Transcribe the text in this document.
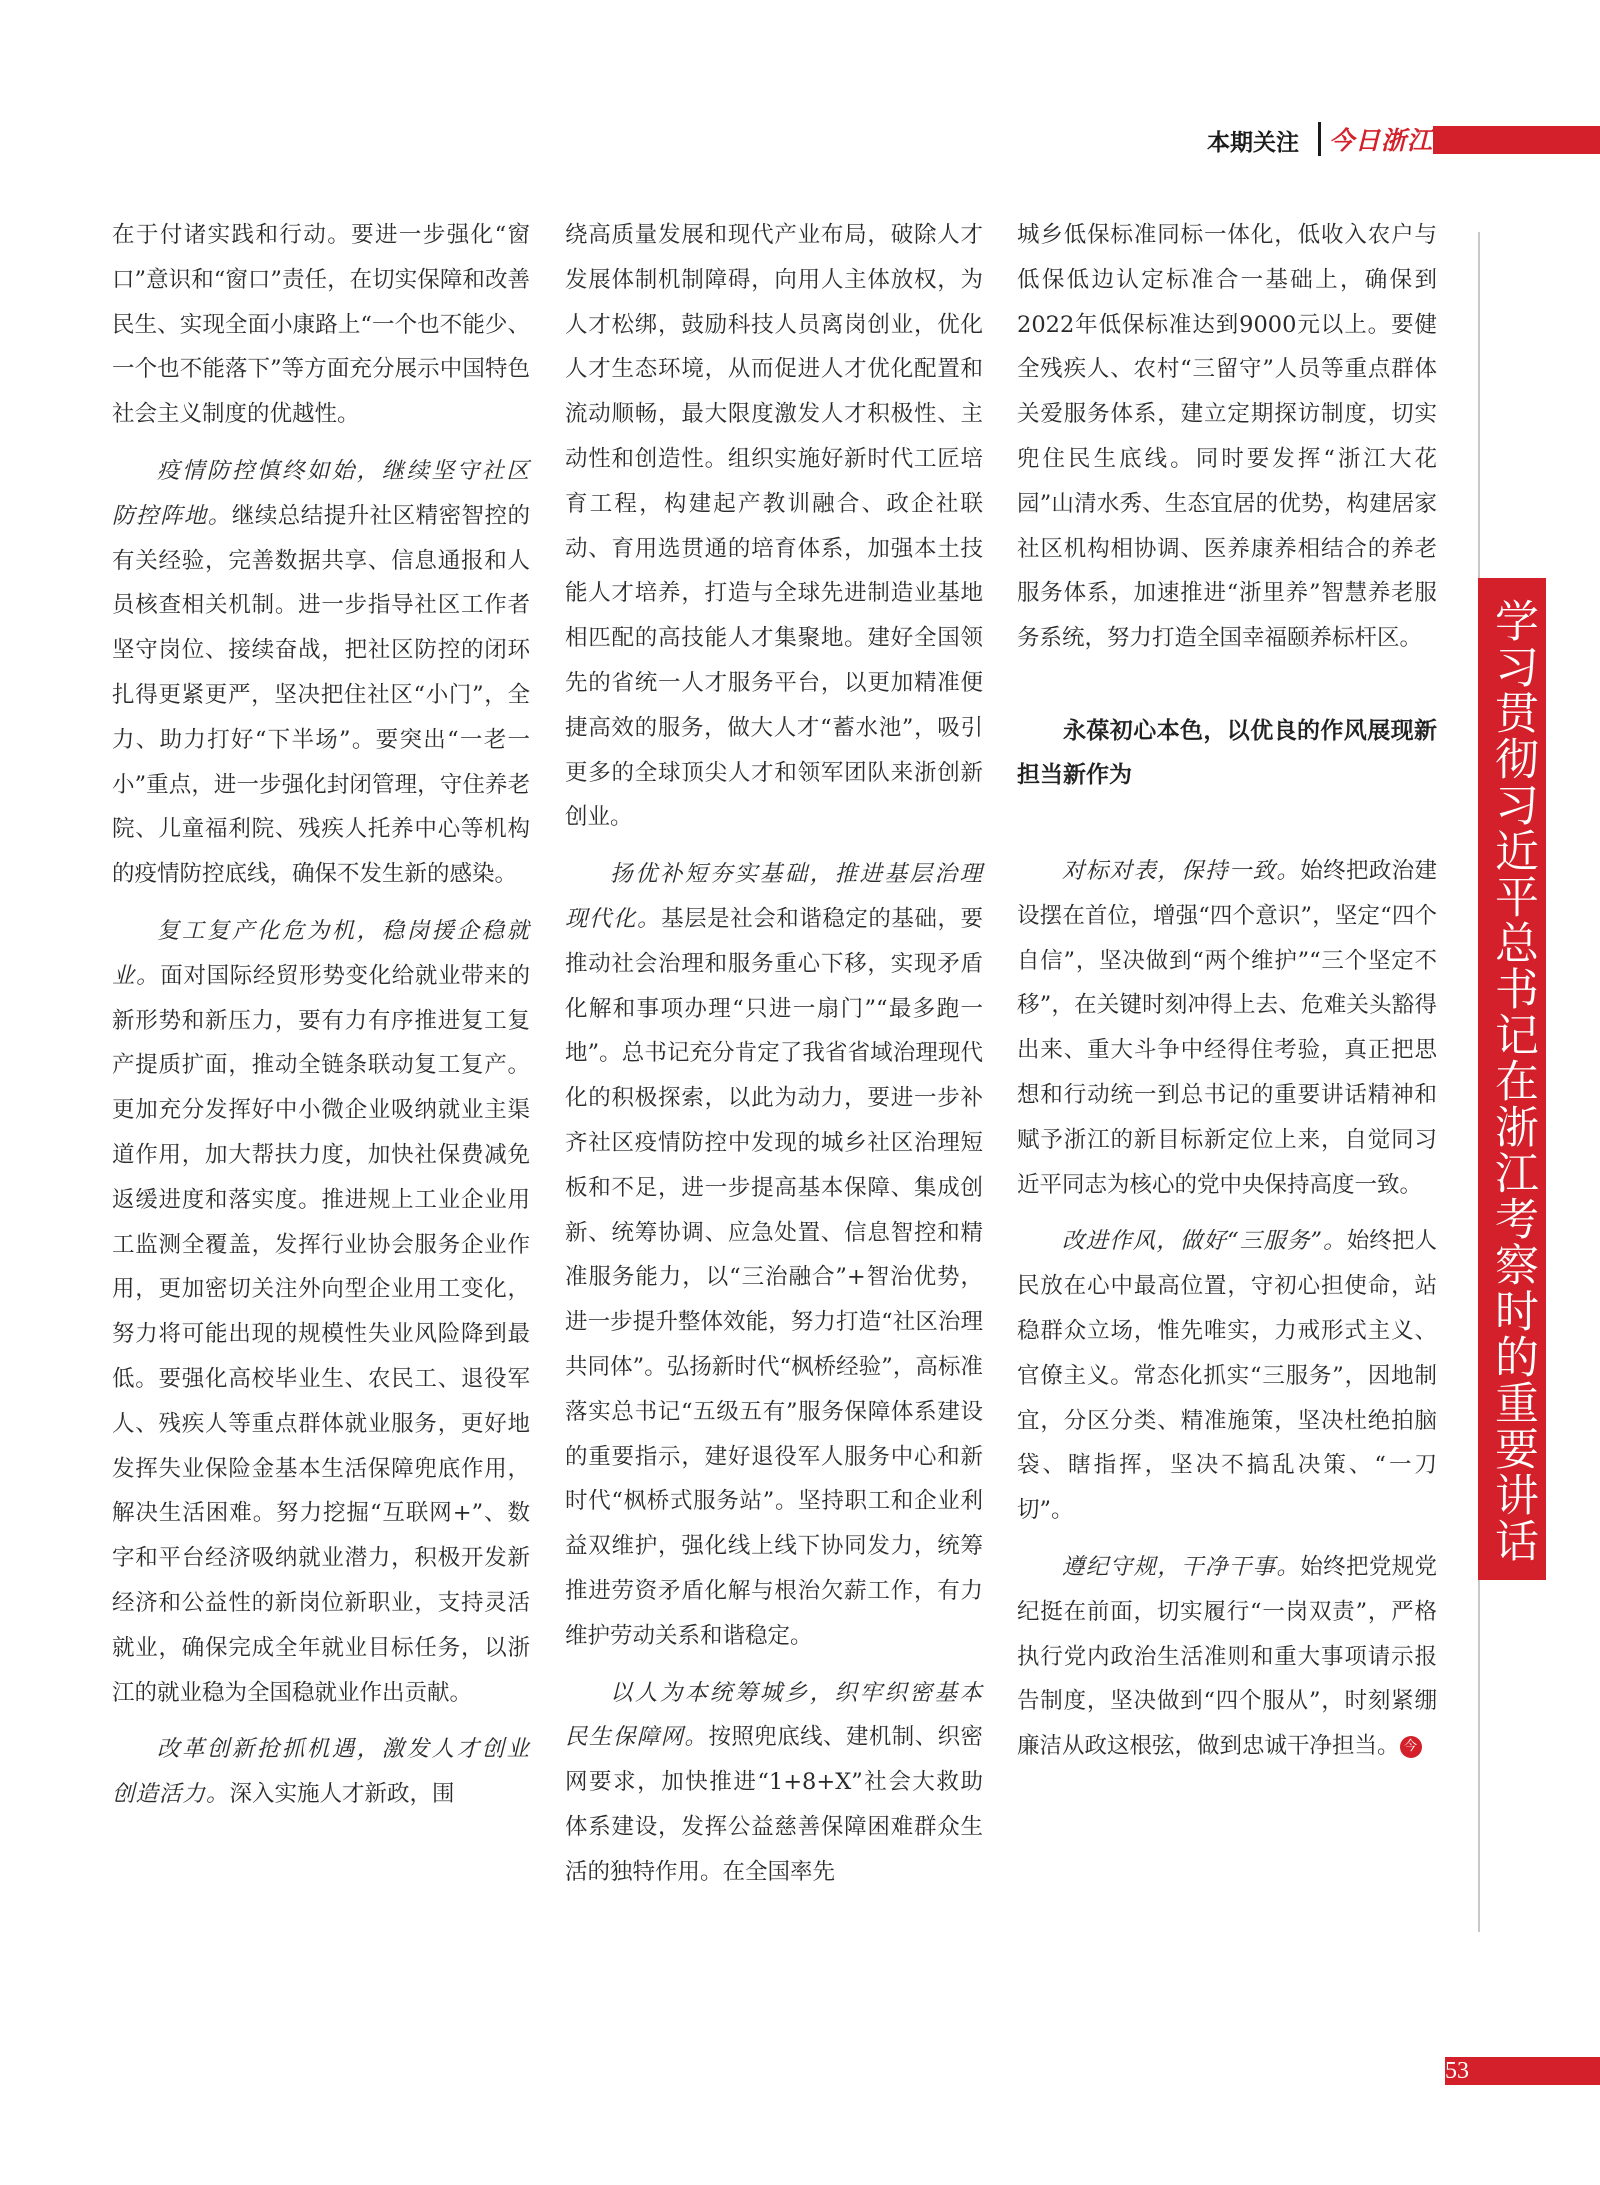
本期关注 今日浙江

在于付诸实践和行动。要进一步强化“窗口”意识和“窗口”责任，在切实保障和改善民生、实现全面小康路上“一个也不能少、一个也不能落下”等方面充分展示中国特色社会主义制度的优越性。

疫情防控慎终如始，继续坚守社区防控阵地。继续总结提升社区精密智控的有关经验，完善数据共享、信息通报和人员核查相关机制。进一步指导社区工作者坚守岗位、接续奋战，把社区防控的闭环扎得更紧更严，坚决把住社区“小门”，全力、助力打好“下半场”。要突出“一老一小”重点，进一步强化封闭管理，守住养老院、儿童福利院、残疾人托养中心等机构的疫情防控底线，确保不发生新的感染。

复工复产化危为机，稳岗援企稳就业。面对国际经贸形势变化给就业带来的新形势和新压力，要有力有序推进复工复产提质扩面，推动全链条联动复工复产。更加充分发挥好中小微企业吸纳就业主渠道作用，加大帮扶力度，加快社保费减免返缓进度和落实度。推进规上工业企业用工监测全覆盖，发挥行业协会服务企业作用，更加密切关注外向型企业用工变化，努力将可能出现的规模性失业风险降到最低。要强化高校毕业生、农民工、退役军人、残疾人等重点群体就业服务，更好地发挥失业保险金基本生活保障兜底作用，解决生活困难。努力挖掘“互联网+”、数字和平台经济吸纳就业潜力，积极开发新经济和公益性的新岗位新职业，支持灵活就业，确保完成全年就业目标任务，以浙江的就业稳为全国稳就业作出贡献。

改革创新抢抓机遇，激发人才创业创造活力。深入实施人才新政，围

绕高质量发展和现代产业布局，破除人才发展体制机制障碍，向用人主体放权，为人才松绑，鼓励科技人员离岗创业，优化人才生态环境，从而促进人才优化配置和流动顺畅，最大限度激发人才积极性、主动性和创造性。组织实施好新时代工匠培育工程，构建起产教训融合、政企社联动、育用选贯通的培育体系，加强本土技能人才培养，打造与全球先进制造业基地相匹配的高技能人才集聚地。建好全国领先的省统一人才服务平台，以更加精准便捷高效的服务，做大人才“蓄水池”，吸引更多的全球顶尖人才和领军团队来浙创新创业。

扬优补短夯实基础，推进基层治理现代化。基层是社会和谐稳定的基础，要推动社会治理和服务重心下移，实现矛盾化解和事项办理“只进一扇门”“最多跑一地”。总书记充分肯定了我省省域治理现代化的积极探索，以此为动力，要进一步补齐社区疫情防控中发现的城乡社区治理短板和不足，进一步提高基本保障、集成创新、统筹协调、应急处置、信息智控和精准服务能力，以“三治融合”+智治优势，进一步提升整体效能，努力打造“社区治理共同体”。弘扬新时代“枫桥经验”，高标准落实总书记“五级五有”服务保障体系建设的重要指示，建好退役军人服务中心和新时代“枫桥式服务站”。坚持职工和企业利益双维护，强化线上线下协同发力，统筹推进劳资矛盾化解与根治欠薪工作，有力维护劳动关系和谐稳定。

以人为本统筹城乡，织牢织密基本民生保障网。按照兜底线、建机制、织密网要求，加快推进“1+8+X”社会大救助体系建设，发挥公益慈善保障困难群众生活的独特作用。在全国率先

城乡低保标准同标一体化，低收入农户与低保低边认定标准合一基础上，确保到2022年低保标准达到9000元以上。要健全残疾人、农村“三留守”人员等重点群体关爱服务体系，建立定期探访制度，切实兜住民生底线。同时要发挥“浙江大花园”山清水秀、生态宜居的优势，构建居家社区机构相协调、医养康养相结合的养老服务体系，加速推进“浙里养”智慧养老服务系统，努力打造全国幸福颐养标杆区。

永葆初心本色，以优良的作风展现新担当新作为

对标对表，保持一致。始终把政治建设摆在首位，增强“四个意识”，坚定“四个自信”，坚决做到“两个维护”“三个坚定不移”，在关键时刻冲得上去、危难关头豁得出来、重大斗争中经得住考验，真正把思想和行动统一到总书记的重要讲话精神和赋予浙江的新目标新定位上来，自觉同习近平同志为核心的党中央保持高度一致。

改进作风，做好“三服务”。始终把人民放在心中最高位置，守初心担使命，站稳群众立场，惟先唯实，力戒形式主义、官僚主义。常态化抓实“三服务”，因地制宜，分区分类、精准施策，坚决杜绝拍脑袋、瞎指挥，坚决不搞乱决策、“一刀切”。

遵纪守规，干净干事。始终把党规党纪挺在前面，切实履行“一岗双责”，严格执行党内政治生活准则和重大事项请示报告制度，坚决做到“四个服从”，时刻紧绷廉洁从政这根弦，做到忠诚干净担当。 今

学习贯彻习近平总书记在浙江考察时的重要讲话精神
53
